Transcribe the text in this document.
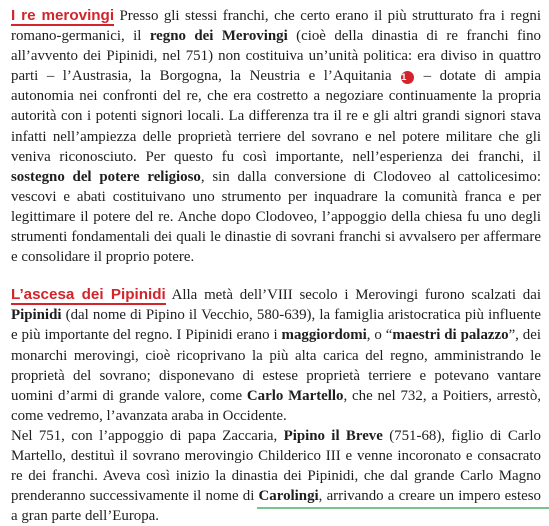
I re merovingi Presso gli stessi franchi, che certo erano il più strutturato fra i regni romano-germanici, il regno dei Merovingi (cioè della dinastia di re franchi fino all’avvento dei Pipinidi, nel 751) non costituiva un’unità politica: era diviso in quattro parti – l’Austrasia, la Borgogna, la Neustria e l’Aquitania 1 – dotate di ampia autonomia nei confronti del re, che era costretto a negoziare continuamente la propria autorità con i potenti signori locali. La differenza tra il re e gli altri grandi signori stava infatti nell’ampiezza delle proprietà terriere del sovrano e nel potere militare che gli veniva riconosciuto. Per questo fu così importante, nell’esperienza dei franchi, il sostegno del potere religioso, sin dalla conversione di Clodoveo al cattolicesimo: vescovi e abati costituivano uno strumento per inquadrare la comunità franca e per legittimare il potere del re. Anche dopo Clodoveo, l’appoggio della chiesa fu uno degli strumenti fondamentali dei quali le dinastie di sovrani franchi si avvalsero per affermare e consolidare il proprio potere.

L’ascesa dei Pipinidi Alla metà dell’VIII secolo i Merovingi furono scalzati dai Pipinidi (dal nome di Pipino il Vecchio, 580-639), la famiglia aristocratica più influente e più importante del regno. I Pipinidi erano i maggiordomi, o “maestri di palazzo”, dei monarchi merovingi, cioè ricoprivano la più alta carica del regno, amministrando le proprietà del sovrano; disponevano di estese proprietà terriere e potevano vantare uomini d’armi di grande valore, come Carlo Martello, che nel 732, a Poitiers, arrestò, come vedremo, l’avanzata araba in Occidente.

Nel 751, con l’appoggio di papa Zaccaria, Pipino il Breve (751-68), figlio di Carlo Martello, destituì il sovrano merovingio Childerico III e venne incoronato e consacrato re dei franchi. Aveva così inizio la dinastia dei Pipinidi, che dal grande Carlo Magno prenderanno successivamente il nome di Carolingi, arrivando a creare un impero esteso a gran parte dell’Europa.
